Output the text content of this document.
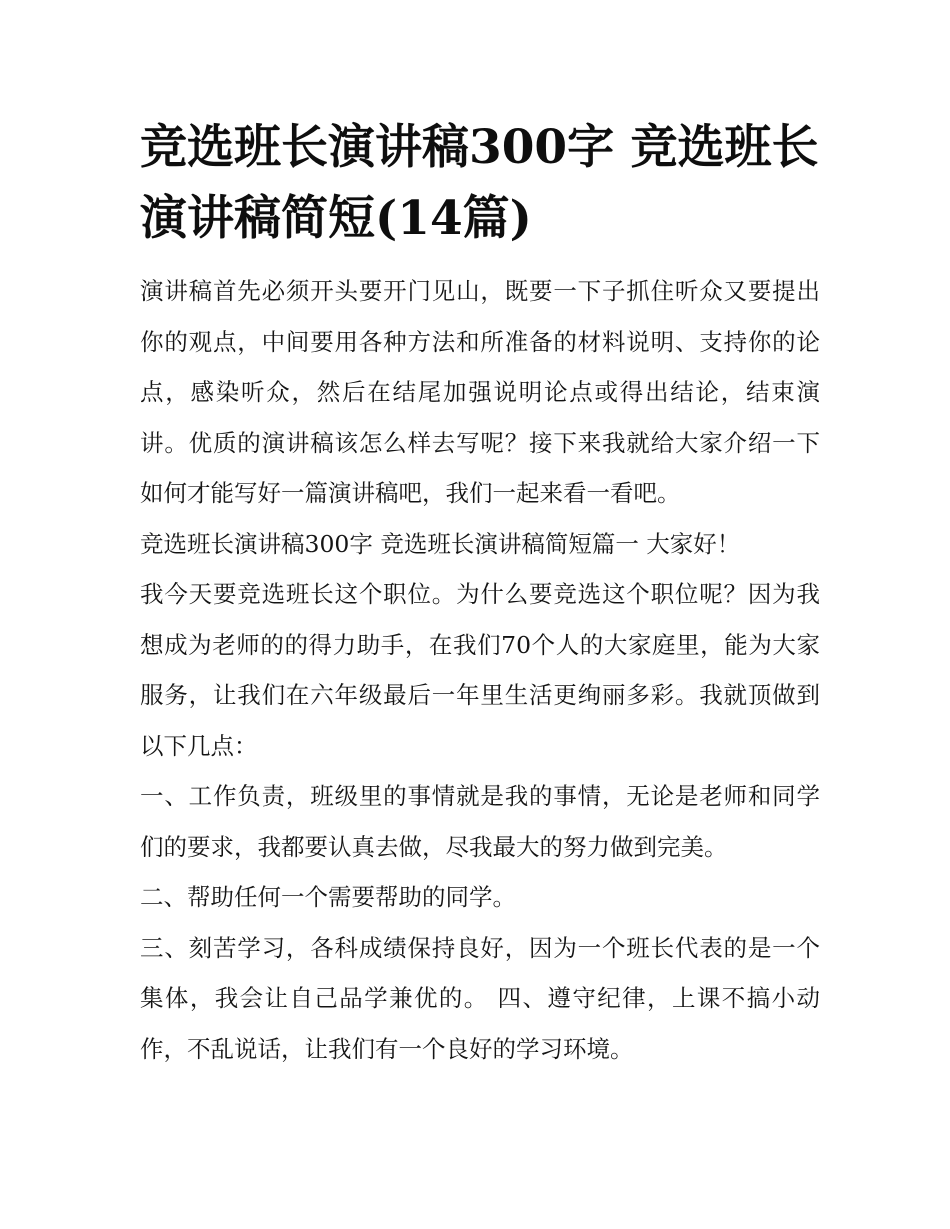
竞选班长演讲稿300字 竞选班长演讲稿简短(14篇)

演讲稿首先必须开头要开门见山，既要一下子抓住听众又要提出你的观点，中间要用各种方法和所准备的材料说明、支持你的论点，感染听众，然后在结尾加强说明论点或得出结论，结束演讲。优质的演讲稿该怎么样去写呢？接下来我就给大家介绍一下如何才能写好一篇演讲稿吧，我们一起来看一看吧。

竞选班长演讲稿300字 竞选班长演讲稿简短篇一 大家好！

我今天要竞选班长这个职位。为什么要竞选这个职位呢？因为我想成为老师的的得力助手，在我们70个人的大家庭里，能为大家服务，让我们在六年级最后一年里生活更绚丽多彩。我就顶做到以下几点：

一、工作负责，班级里的事情就是我的事情，无论是老师和同学们的要求，我都要认真去做，尽我最大的努力做到完美。

二、帮助任何一个需要帮助的同学。

三、刻苦学习，各科成绩保持良好，因为一个班长代表的是一个集体，我会让自己品学兼优的。 四、遵守纪律，上课不搞小动作，不乱说话，让我们有一个良好的学习环境。
